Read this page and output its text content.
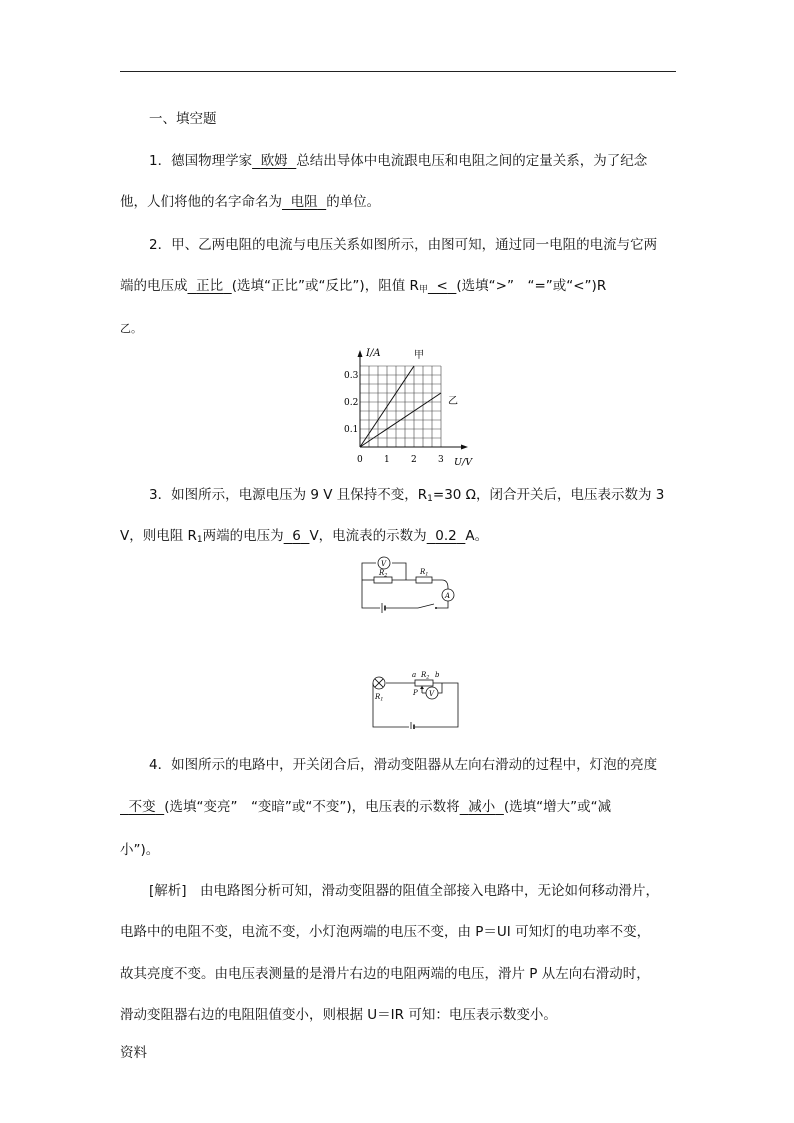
一、填空题
1．德国物理学家 欧姆 总结出导体中电流跟电压和电阻之间的定量关系，为了纪念
他，人们将他的名字命名为 电阻 的单位。
2．甲、乙两电阻的电流与电压关系如图所示，由图可知，通过同一电阻的电流与它两
端的电压成 正比 (选填“正比”或“反比”)，阻值 $R_甲$ < (选填“>”　“=”或“<”)R
乙。
I/A
U/V
甲
乙
0.3
0.2
0.1
0 1 2 3
3．如图所示，电源电压为 9 V 且保持不变，$R_1=30$ Ω，闭合开关后，电压表示数为 3
V，则电阻 $R_1$两端的电压为 6 V，电流表的示数为 0.2 A。
V
$R_2$	$R_1$
A
$R_1$
a $R_2$ b
P V
4．如图所示的电路中，开关闭合后，滑动变阻器从左向右滑动的过程中，灯泡的亮度
不变 (选填“变亮”　“变暗”或“不变”)，电压表的示数将 减小 (选填“增大”或“减
小”)。
[解析]　由电路图分析可知，滑动变阻器的阻值全部接入电路中，无论如何移动滑片，
电路中的电阻不变，电流不变，小灯泡两端的电压不变，由 P＝UI 可知灯的电功率不变，
故其亮度不变。由电压表测量的是滑片右边的电阻两端的电压，滑片 P 从左向右滑动时，
滑动变阻器右边的电阻阻值变小，则根据 U＝IR 可知：电压表示数变小。
资料
